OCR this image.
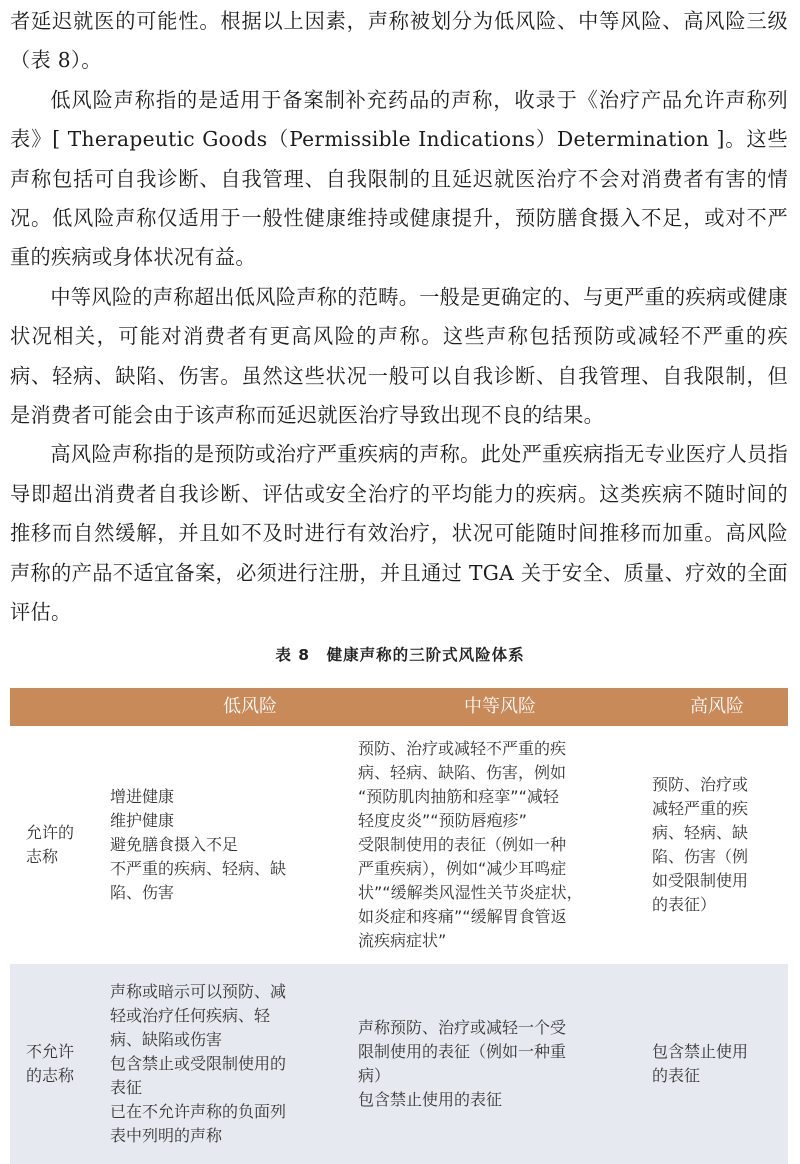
者延迟就医的可能性。根据以上因素，声称被划分为低风险、中等风险、高风险三级（表 8）。

低风险声称指的是适用于备案制补充药品的声称，收录于《治疗产品允许声称列表》[ Therapeutic Goods（Permissible Indications）Determination ]。这些声称包括可自我诊断、自我管理、自我限制的且延迟就医治疗不会对消费者有害的情况。低风险声称仅适用于一般性健康维持或健康提升，预防膳食摄入不足，或对不严重的疾病或身体状况有益。

中等风险的声称超出低风险声称的范畴。一般是更确定的、与更严重的疾病或健康状况相关，可能对消费者有更高风险的声称。这些声称包括预防或减轻不严重的疾病、轻病、缺陷、伤害。虽然这些状况一般可以自我诊断、自我管理、自我限制，但是消费者可能会由于该声称而延迟就医治疗导致出现不良的结果。

高风险声称指的是预防或治疗严重疾病的声称。此处严重疾病指无专业医疗人员指导即超出消费者自我诊断、评估或安全治疗的平均能力的疾病。这类疾病不随时间的推移而自然缓解，并且如不及时进行有效治疗，状况可能随时间推移而加重。高风险声称的产品不适宜备案，必须进行注册，并且通过 TGA 关于安全、质量、疗效的全面评估。

表 8　健康声称的三阶式风险体系
低风险	中等风险	高风险
允许的
志称
增进健康
维护健康
避免膳食摄入不足
不严重的疾病、轻病、缺
陷、伤害
预防、治疗或减轻不严重的疾
病、轻病、缺陷、伤害，例如
“预防肌肉抽筋和痉挛”“减轻
轻度皮炎”“预防唇疱疹”
受限制使用的表征（例如一种
严重疾病），例如“减少耳鸣症
状”“缓解类风湿性关节炎症状，
如炎症和疼痛”“缓解胃食管返
流疾病症状”
预防、治疗或
减轻严重的疾
病、轻病、缺
陷、伤害（例
如受限制使用
的表征）
不允许
的志称
声称或暗示可以预防、减
轻或治疗任何疾病、轻
病、缺陷或伤害
包含禁止或受限制使用的
表征
已在不允许声称的负面列
表中列明的声称
声称预防、治疗或减轻一个受
限制使用的表征（例如一种重
病）
包含禁止使用的表征
包含禁止使用
的表征
